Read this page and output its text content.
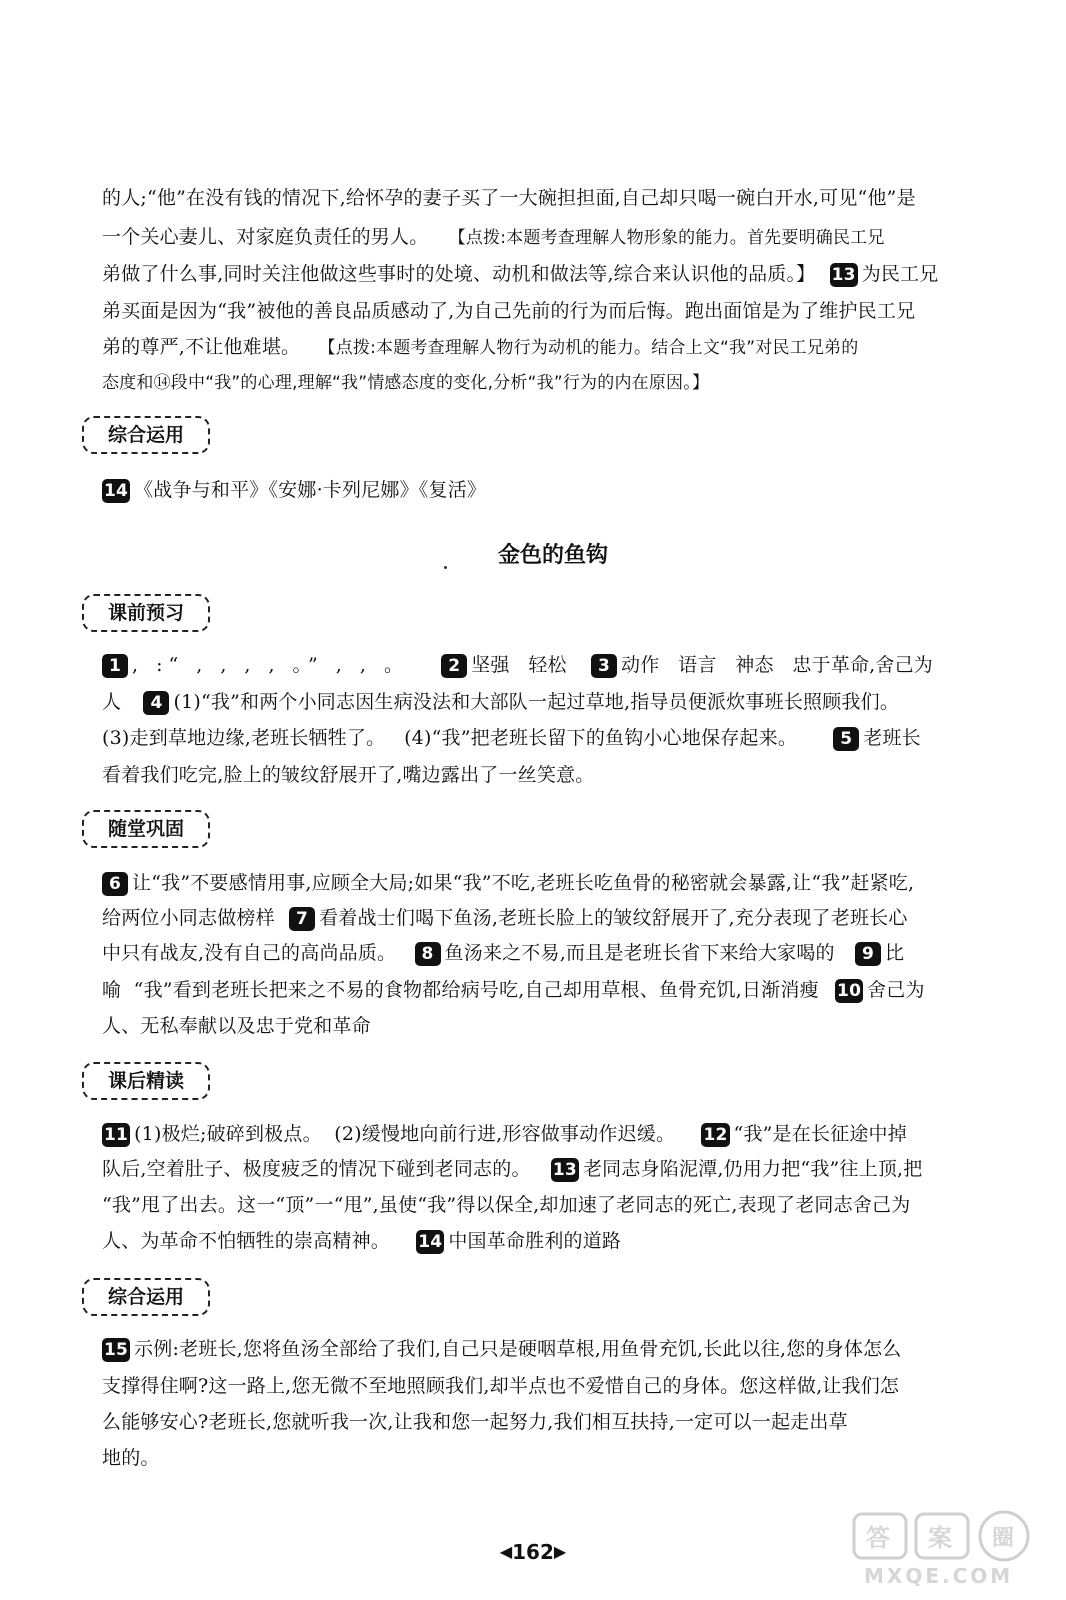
的人;“他”在没有钱的情况下,给怀孕的妻子买了一大碗担担面,自己却只喝一碗白开水,可见“他”是
一个关心妻儿、对家庭负责任的男人。 【点拨:本题考查理解人物形象的能力。首先要明确民工兄
弟做了什么事,同时关注他做这些事时的处境、动机和做法等,综合来认识他的品质。】 13 为民工兄
弟买面是因为“我”被他的善良品质感动了,为自己先前的行为而后悔。跑出面馆是为了维护民工兄
弟的尊严,不让他难堪。 【点拨:本题考查理解人物行为动机的能力。结合上文“我”对民工兄弟的
态度和⑭段中“我”的心理,理解“我”情感态度的变化,分析“我”行为的内在原因。】
综合运用
14 《战争与和平》《安娜·卡列尼娜》《复活》
金色的鱼钩
课前预习
1 , :“ , , , , 。” , , 。 2 坚强   轻松 3 动作   语言   神态   忠于革命,舍己为
人 4 (1)“我”和两个小同志因生病没法和大部队一起过草地,指导员便派炊事班长照顾我们。
(3)走到草地边缘,老班长牺牲了。   (4)“我”把老班长留下的鱼钩小心地保存起来。	5 老班长
看着我们吃完,脸上的皱纹舒展开了,嘴边露出了一丝笑意。
随堂巩固
6 让“我”不要感情用事,应顾全大局;如果“我”不吃,老班长吃鱼骨的秘密就会暴露,让“我”赶紧吃,
给两位小同志做榜样 7 看着战士们喝下鱼汤,老班长脸上的皱纹舒展开了,充分表现了老班长心
中只有战友,没有自己的高尚品质。 8 鱼汤来之不易,而且是老班长省下来给大家喝的 9 比
喻  “我”看到老班长把来之不易的食物都给病号吃,自己却用草根、鱼骨充饥,日渐消瘦 10 舍己为
人、无私奉献以及忠于党和革命
课后精读
11 (1)极烂;破碎到极点。  (2)缓慢地向前行进,形容做事动作迟缓。 12 “我”是在长征途中掉
队后,空着肚子、极度疲乏的情况下碰到老同志的。 13 老同志身陷泥潭,仍用力把“我”往上顶,把
“我”甩了出去。这一“顶”一“甩”,虽使“我”得以保全,却加速了老同志的死亡,表现了老同志舍己为
人、为革命不怕牺牲的崇高精神。 14 中国革命胜利的道路
综合运用
15 示例:老班长,您将鱼汤全部给了我们,自己只是硬咽草根,用鱼骨充饥,长此以往,您的身体怎么
支撑得住啊?这一路上,您无微不至地照顾我们,却半点也不爱惜自己的身体。您这样做,让我们怎
么能够安心?老班长,您就听我一次,让我和您一起努力,我们相互扶持,一定可以一起走出草
地的。
◀162▶	答 案 圈
MXQE.COM
